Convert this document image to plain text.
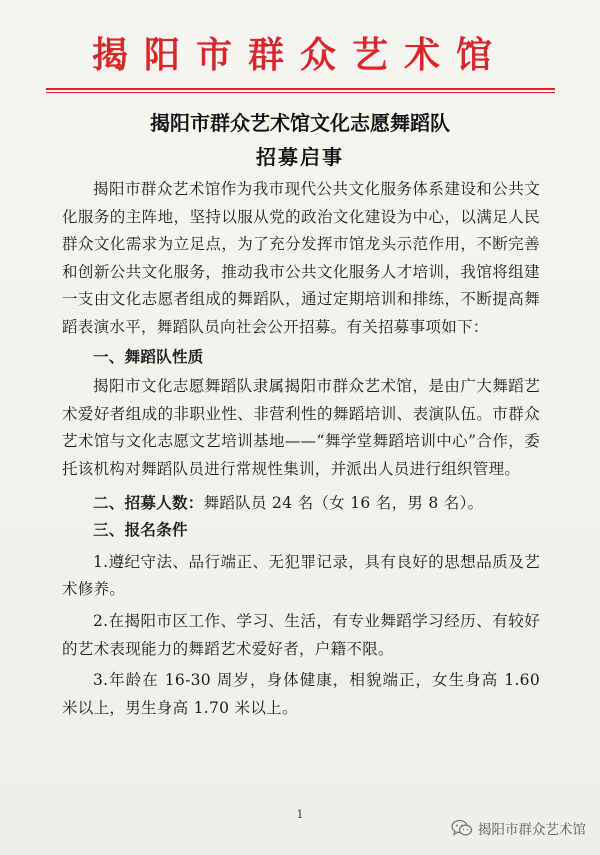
揭阳市群众艺术馆
揭阳市群众艺术馆文化志愿舞蹈队
招募启事

揭阳市群众艺术馆作为我市现代公共文化服务体系建设和公共文化服务的主阵地，坚持以服从党的政治文化建设为中心，以满足人民群众文化需求为立足点，为了充分发挥市馆龙头示范作用，不断完善和创新公共文化服务，推动我市公共文化服务人才培训，我馆将组建一支由文化志愿者组成的舞蹈队，通过定期培训和排练，不断提高舞蹈表演水平，舞蹈队员向社会公开招募。有关招募事项如下：

一、舞蹈队性质

揭阳市文化志愿舞蹈队隶属揭阳市群众艺术馆，是由广大舞蹈艺术爱好者组成的非职业性、非营利性的舞蹈培训、表演队伍。市群众艺术馆与文化志愿文艺培训基地——“舞学堂舞蹈培训中心”合作，委托该机构对舞蹈队员进行常规性集训，并派出人员进行组织管理。

二、招募人数：舞蹈队员 24 名（女 16 名，男 8 名）。

三、报名条件

1.遵纪守法、品行端正、无犯罪记录，具有良好的思想品质及艺术修养。

2.在揭阳市区工作、学习、生活，有专业舞蹈学习经历、有较好的艺术表现能力的舞蹈艺术爱好者，户籍不限。

3.年龄在 16-30 周岁，身体健康，相貌端正，女生身高 1.60 米以上，男生身高 1.70 米以上。

1
揭阳市群众艺术馆
